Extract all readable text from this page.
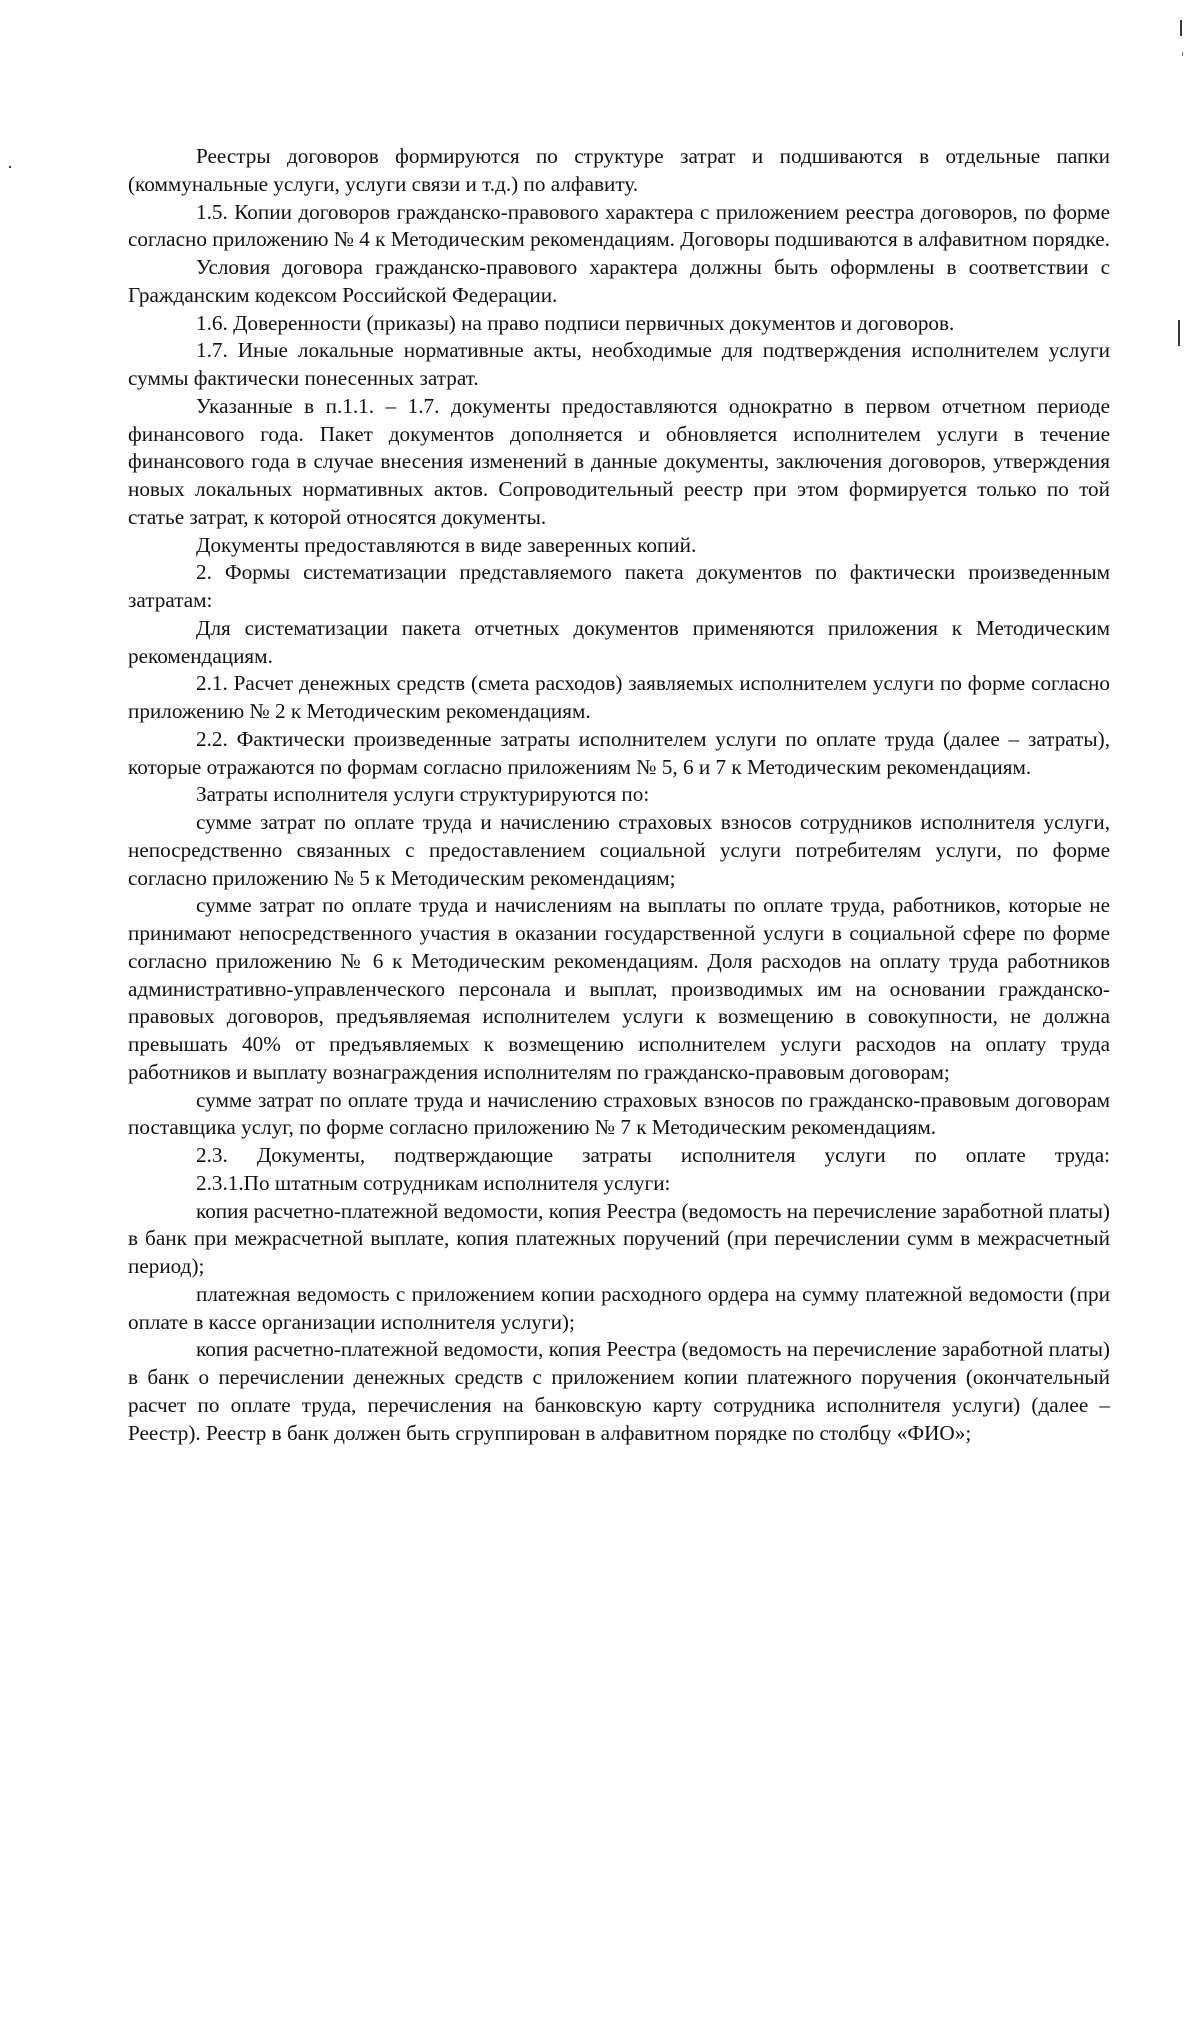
Реестры договоров формируются по структуре затрат и подшиваются в отдельные папки (коммунальные услуги, услуги связи и т.д.) по алфавиту.

1.5. Копии договоров гражданско-правового характера с приложением реестра договоров, по форме согласно приложению № 4 к Методическим рекомендациям. Договоры подшиваются в алфавитном порядке.

Условия договора гражданско-правового характера должны быть оформлены в соответствии с Гражданским кодексом Российской Федерации.

1.6. Доверенности (приказы) на право подписи первичных документов и договоров.

1.7. Иные локальные нормативные акты, необходимые для подтверждения исполнителем услуги суммы фактически понесенных затрат.

Указанные в п.1.1. – 1.7. документы предоставляются однократно в первом отчетном периоде финансового года. Пакет документов дополняется и обновляется исполнителем услуги в течение финансового года в случае внесения изменений в данные документы, заключения договоров, утверждения новых локальных нормативных актов. Сопроводительный реестр при этом формируется только по той статье затрат, к которой относятся документы.

Документы предоставляются в виде заверенных копий.

2. Формы систематизации представляемого пакета документов по фактически произведенным затратам:

Для систематизации пакета отчетных документов применяются приложения к Методическим рекомендациям.

2.1. Расчет денежных средств (смета расходов) заявляемых исполнителем услуги по форме согласно приложению № 2 к Методическим рекомендациям.

2.2. Фактически произведенные затраты исполнителем услуги по оплате труда (далее – затраты), которые отражаются по формам согласно приложениям № 5, 6 и 7 к Методическим рекомендациям.

Затраты исполнителя услуги структурируются по:

сумме затрат по оплате труда и начислению страховых взносов сотрудников исполнителя услуги, непосредственно связанных с предоставлением социальной услуги потребителям услуги, по форме согласно приложению № 5 к Методическим рекомендациям;

сумме затрат по оплате труда и начислениям на выплаты по оплате труда, работников, которые не принимают непосредственного участия в оказании государственной услуги в социальной сфере по форме согласно приложению № 6 к Методическим рекомендациям. Доля расходов на оплату труда работников административно-управленческого персонала и выплат, производимых им на основании гражданско-правовых договоров, предъявляемая исполнителем услуги к возмещению в совокупности, не должна превышать 40% от предъявляемых к возмещению исполнителем услуги расходов на оплату труда работников и выплату вознаграждения исполнителям по гражданско-правовым договорам;

сумме затрат по оплате труда и начислению страховых взносов по гражданско-правовым договорам поставщика услуг, по форме согласно приложению № 7 к Методическим рекомендациям.

2.3. Документы, подтверждающие затраты исполнителя услуги по оплате труда:

2.3.1.По штатным сотрудникам исполнителя услуги:

копия расчетно-платежной ведомости, копия Реестра (ведомость на перечисление заработной платы) в банк при межрасчетной выплате, копия платежных поручений (при перечислении сумм в межрасчетный период);

платежная ведомость с приложением копии расходного ордера на сумму платежной ведомости (при оплате в кассе организации исполнителя услуги);

копия расчетно-платежной ведомости, копия Реестра (ведомость на перечисление заработной платы) в банк о перечислении денежных средств с приложением копии платежного поручения (окончательный расчет по оплате труда, перечисления на банковскую карту сотрудника исполнителя услуги) (далее – Реестр). Реестр в банк должен быть сгруппирован в алфавитном порядке по столбцу «ФИО»;
